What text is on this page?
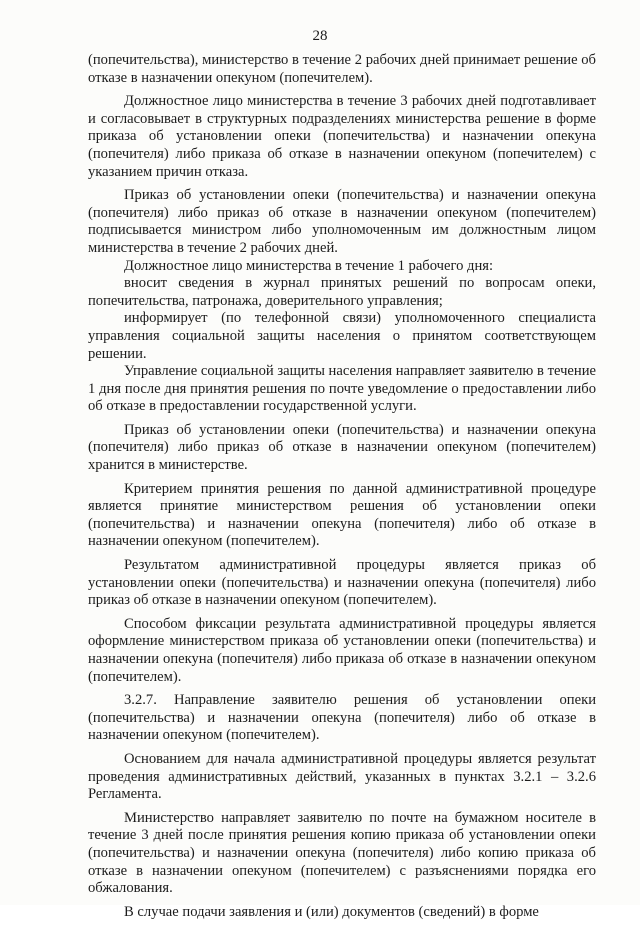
28

(попечительства), министерство в течение 2 рабочих дней принимает решение об отказе в назначении опекуном (попечителем).

Должностное лицо министерства в течение 3 рабочих дней подготавливает и согласовывает в структурных подразделениях министерства решение в форме приказа об установлении опеки (попечительства) и назначении опекуна (попечителя) либо приказа об отказе в назначении опекуном (попечителем) с указанием причин отказа.

Приказ об установлении опеки (попечительства) и назначении опекуна (попечителя) либо приказ об отказе в назначении опекуном (попечителем) подписывается министром либо уполномоченным им должностным лицом министерства в течение 2 рабочих дней.

Должностное лицо министерства в течение 1 рабочего дня:

вносит сведения в журнал принятых решений по вопросам опеки, попечительства, патронажа, доверительного управления;

информирует (по телефонной связи) уполномоченного специалиста управления социальной защиты населения о принятом соответствующем решении.

Управление социальной защиты населения направляет заявителю в течение 1 дня после дня принятия решения по почте уведомление о предоставлении либо об отказе в предоставлении государственной услуги.

Приказ об установлении опеки (попечительства) и назначении опекуна (попечителя) либо приказ об отказе в назначении опекуном (попечителем) хранится в министерстве.

Критерием принятия решения по данной административной процедуре является принятие министерством решения об установлении опеки (попечительства) и назначении опекуна (попечителя) либо об отказе в назначении опекуном (попечителем).

Результатом административной процедуры является приказ об установлении опеки (попечительства) и назначении опекуна (попечителя) либо приказ об отказе в назначении опекуном (попечителем).

Способом фиксации результата административной процедуры является оформление министерством приказа об установлении опеки (попечительства) и назначении опекуна (попечителя) либо приказа об отказе в назначении опекуном (попечителем).

3.2.7. Направление заявителю решения об установлении опеки (попечительства) и назначении опекуна (попечителя) либо об отказе в назначении опекуном (попечителем).

Основанием для начала административной процедуры является результат проведения административных действий, указанных в пунктах 3.2.1 – 3.2.6 Регламента.

Министерство направляет заявителю по почте на бумажном носителе в течение 3 дней после принятия решения копию приказа об установлении опеки (попечительства) и назначении опекуна (попечителя) либо копию приказа об отказе в назначении опекуном (попечителем) с разъяснениями порядка его обжалования.

В случае подачи заявления и (или) документов (сведений) в форме
